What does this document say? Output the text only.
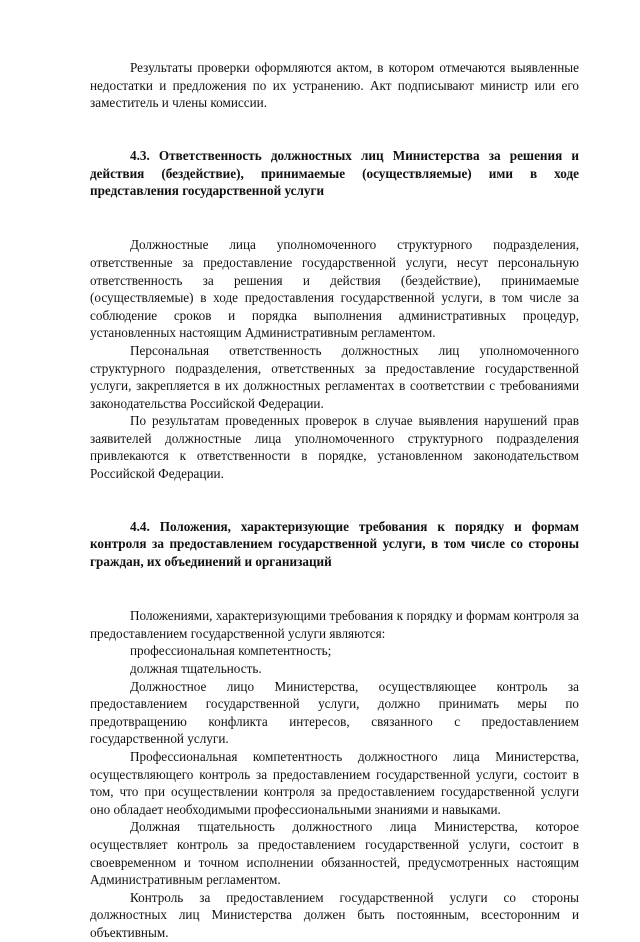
Результаты проверки оформляются актом, в котором отмечаются выявленные недостатки и предложения по их устранению. Акт подписывают министр или его заместитель и члены комиссии.

4.3. Ответственность должностных лиц Министерства за решения и действия (бездействие), принимаемые (осуществляемые) ими в ходе представления государственной услуги

Должностные лица уполномоченного структурного подразделения, ответственные за предоставление государственной услуги, несут персональную ответственность за решения и действия (бездействие), принимаемые (осуществляемые) в ходе предоставления государственной услуги, в том числе за соблюдение сроков и порядка выполнения административных процедур, установленных настоящим Административным регламентом.

Персональная ответственность должностных лиц уполномоченного структурного подразделения, ответственных за предоставление государственной услуги, закрепляется в их должностных регламентах в соответствии с требованиями законодательства Российской Федерации.

По результатам проведенных проверок в случае выявления нарушений прав заявителей должностные лица уполномоченного структурного подразделения привлекаются к ответственности в порядке, установленном законодательством Российской Федерации.

4.4. Положения, характеризующие требования к порядку и формам контроля за предоставлением государственной услуги, в том числе со стороны граждан, их объединений и организаций

Положениями, характеризующими требования к порядку и формам контроля за предоставлением государственной услуги являются:

профессиональная компетентность;

должная тщательность.

Должностное лицо Министерства, осуществляющее контроль за предоставлением государственной услуги, должно принимать меры по предотвращению конфликта интересов, связанного с предоставлением государственной услуги.

Профессиональная компетентность должностного лица Министерства, осуществляющего контроль за предоставлением государственной услуги, состоит в том, что при осуществлении контроля за предоставлением государственной услуги оно обладает необходимыми профессиональными знаниями и навыками.

Должная тщательность должностного лица Министерства, которое осуществляет контроль за предоставлением государственной услуги, состоит в своевременном и точном исполнении обязанностей, предусмотренных настоящим Административным регламентом.

Контроль за предоставлением государственной услуги со стороны должностных лиц Министерства должен быть постоянным, всесторонним и объективным.
